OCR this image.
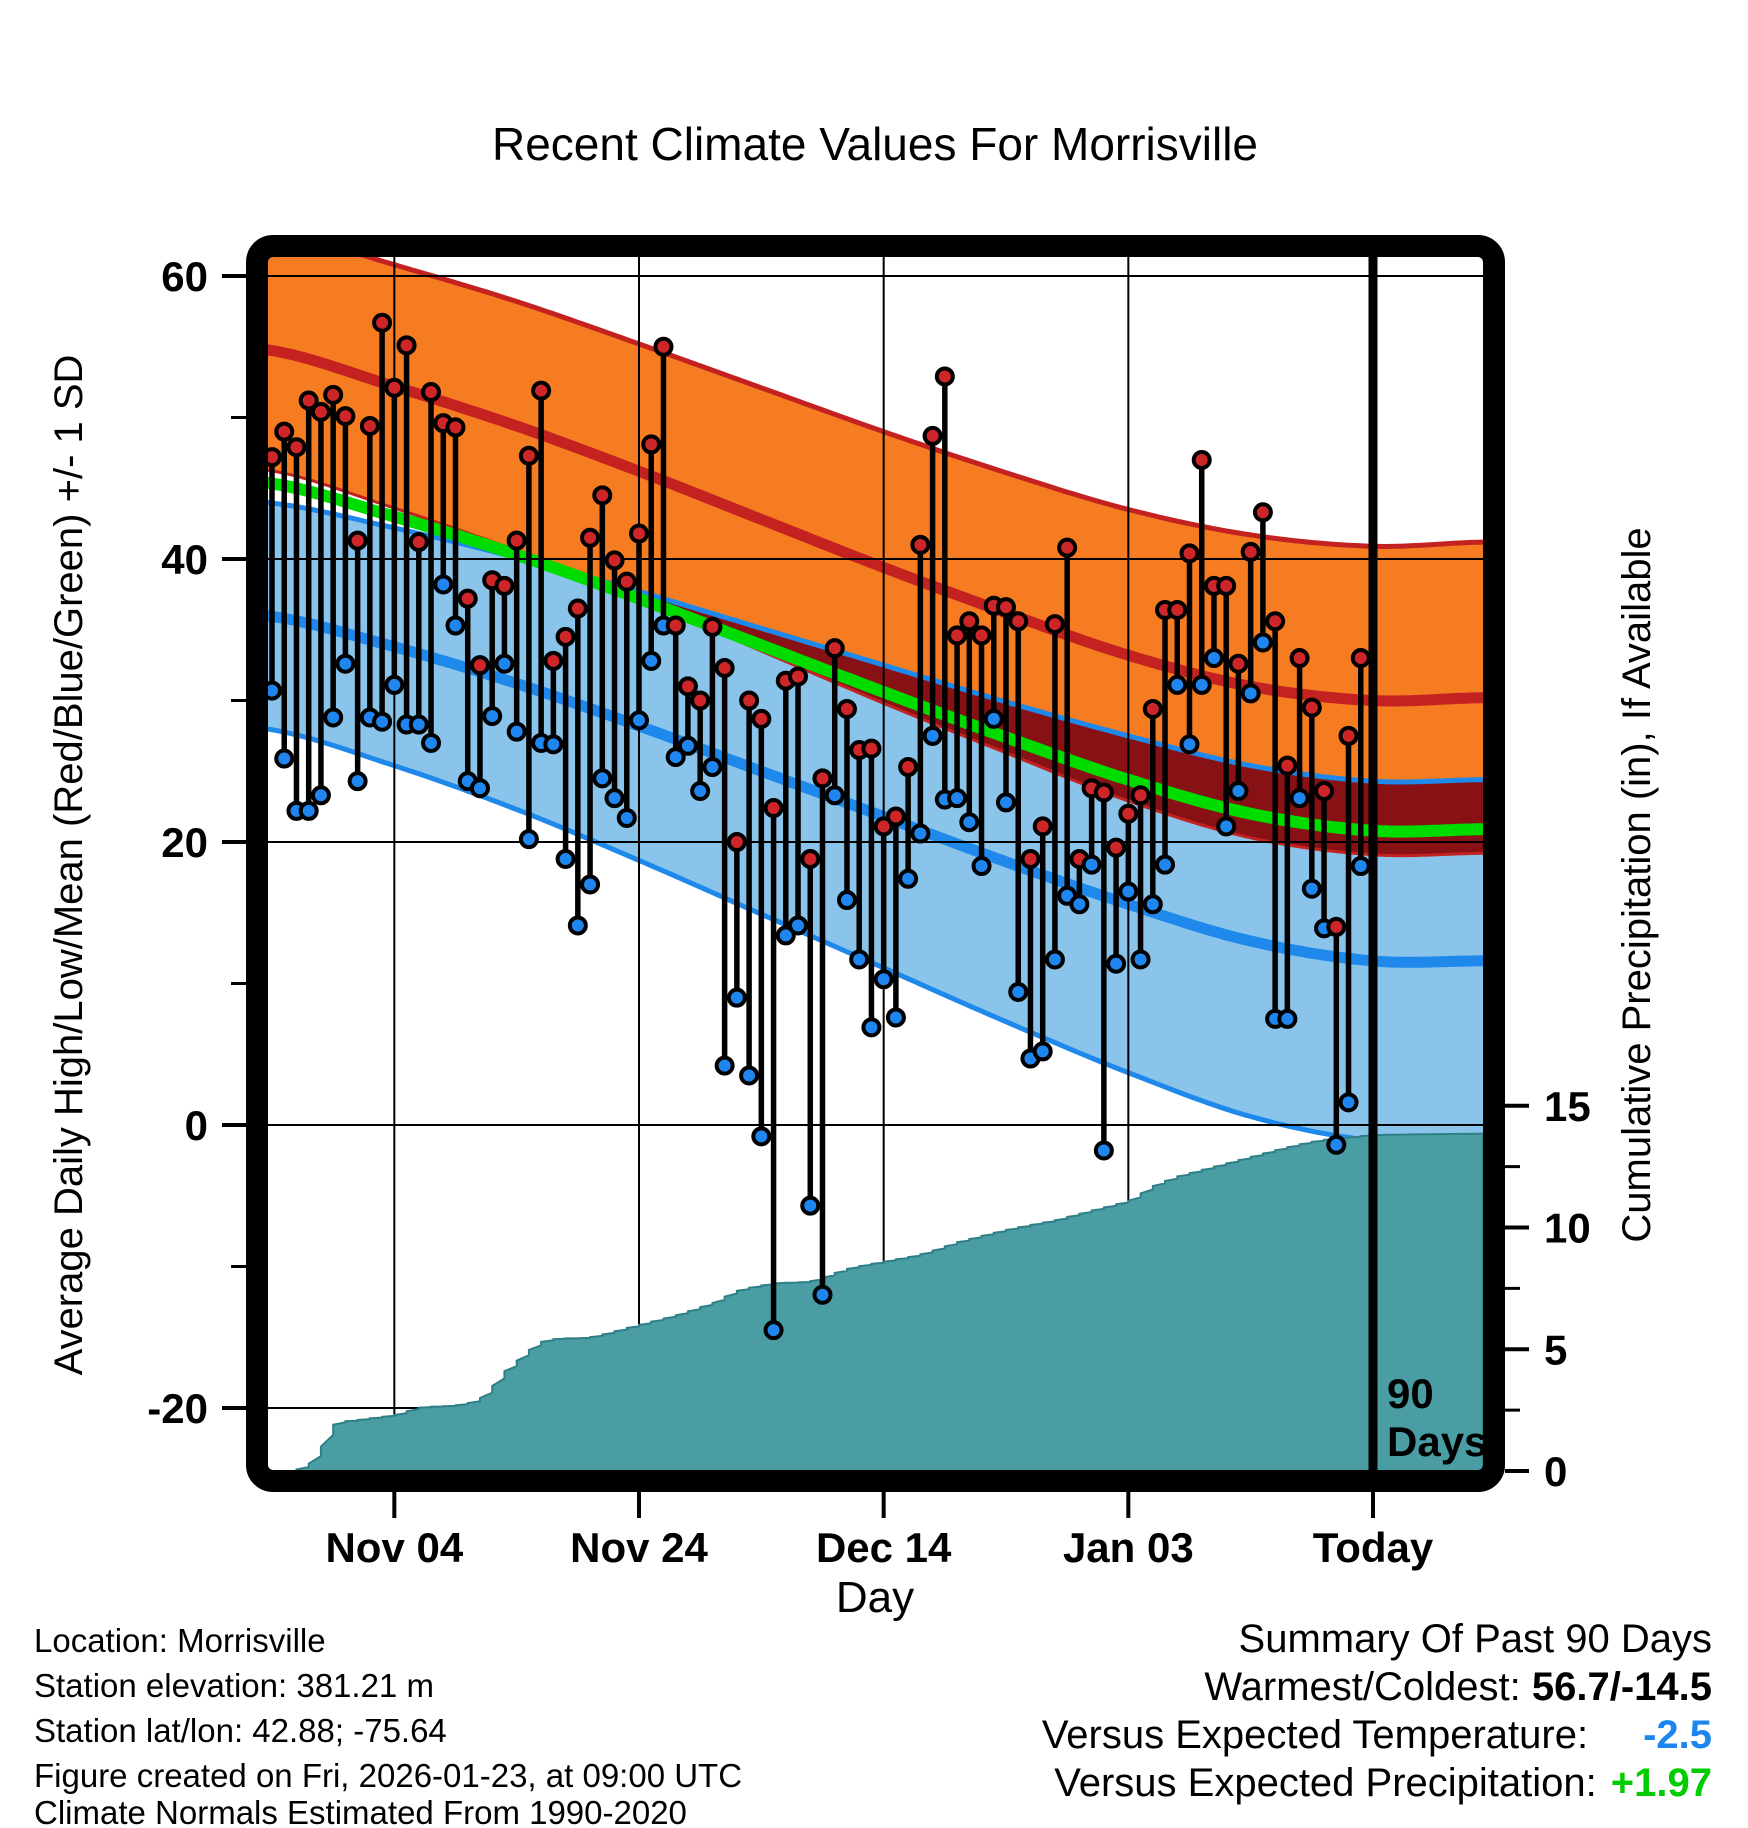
60
40
20
0
-20
Nov 04	Nov 24	Dec 14	Jan 03	Today
15
10
5
0
Recent Climate Values For Morrisville
Average Daily High/Low/Mean (Red/Blue/Green) +/- 1 SD	Cumulative Precipitation (in), If Available
Day
90
Days
Location: Morrisville
Station elevation: 381.21 m
Station lat/lon: 42.88; -75.64
Figure created on Fri, 2026-01-23, at 09:00 UTC
Climate Normals Estimated From 1990-2020
Summary Of Past 90 Days
Warmest/Coldest: 56.7/-14.5
Versus Expected Temperature: -2.5
Versus Expected Precipitation: +1.97
